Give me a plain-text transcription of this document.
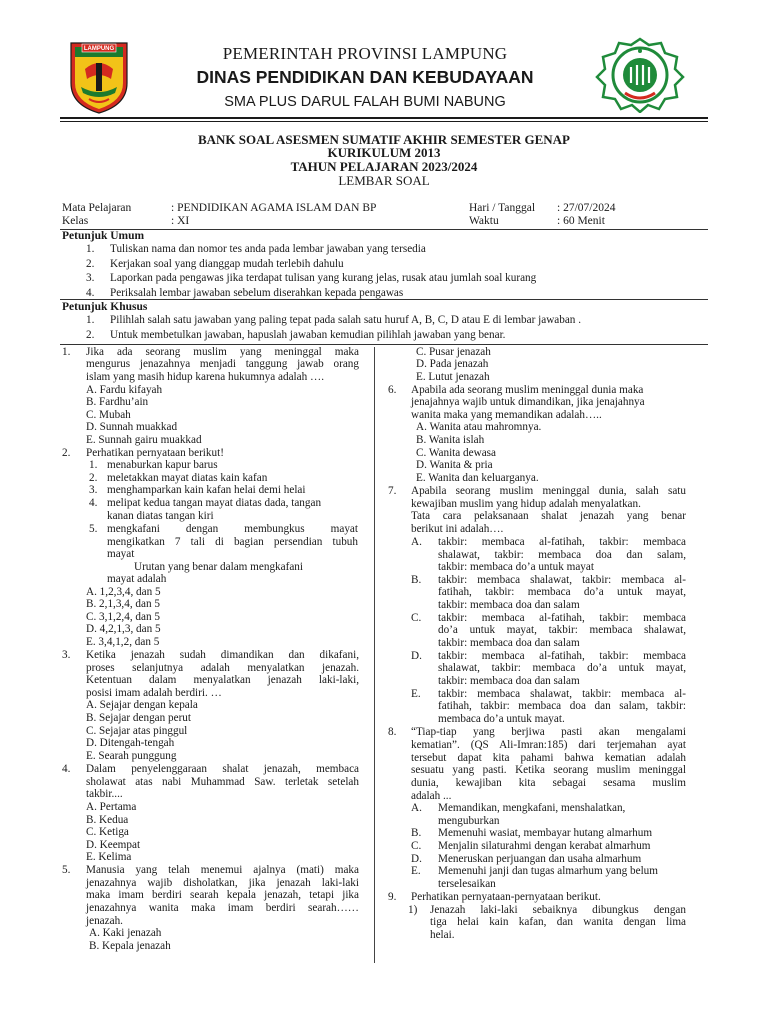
LAMPUNG	PEMERINTAH PROVINSI LAMPUNG
DINAS PENDIDIKAN DAN KEBUDAYAAN
SMA PLUS DARUL FALAH BUMI NABUNG
BANK SOAL ASESMEN SUMATIF AKHIR SEMESTER GENAP
KURIKULUM 2013
TAHUN PELAJARAN 2023/2024
LEMBAR SOAL
Mata Pelajaran	: PENDIDIKAN AGAMA ISLAM DAN BP
Kelas	: XI
Hari / Tanggal : 27/07/2024
Waktu	: 60 Menit
Petunjuk Umum
1. Tuliskan nama dan nomor tes anda pada lembar jawaban yang tersedia
2. Kerjakan soal yang dianggap mudah terlebih dahulu
3. Laporkan pada pengawas jika terdapat tulisan yang kurang jelas, rusak atau jumlah soal kurang
4. Periksalah lembar jawaban sebelum diserahkan kepada pengawas
Petunjuk Khusus
1. Pilihlah salah satu jawaban yang paling tepat pada salah satu huruf A, B, C, D atau E di lembar jawaban .
2. Untuk membetulkan jawaban, hapuslah jawaban kemudian pilihlah jawaban yang benar.
1. Jika ada seorang muslim yang meninggal maka
mengurus jenazahnya menjadi tanggung jawab orang
islam yang masih hidup karena hukumnya adalah ….
A. Fardu kifayah
B. Fardhu’ain
C. Mubah
D. Sunnah muakkad
E. Sunnah gairu muakkad
2. Perhatikan pernyataan berikut!
1. menaburkan kapur barus
2. meletakkan mayat diatas kain kafan
3. menghamparkan kain kafan helai demi helai
4. melipat kedua tangan mayat diatas dada, tangan
kanan diatas tangan kiri
5. mengkafani dengan membungkus mayat
mengikatkan 7 tali di bagian persendian tubuh
mayat
Urutan yang benar dalam mengkafani
mayat adalah
A. 1,2,3,4, dan 5
B. 2,1,3,4, dan 5
C. 3,1,2,4, dan 5
D. 4,2,1,3, dan 5
E. 3,4,1,2, dan 5
3. Ketika jenazah sudah dimandikan dan dikafani,
proses selanjutnya adalah menyalatkan jenazah.
Ketentuan dalam menyalatkan jenazah laki-laki,
posisi imam adalah berdiri. …
A. Sejajar dengan kepala
B. Sejajar dengan perut
C. Sejajar atas pinggul
D. Ditengah-tengah
E. Searah punggung
4. Dalam penyelenggaraan shalat jenazah, membaca
sholawat atas nabi Muhammad Saw. terletak setelah
takbir....
A. Pertama
B. Kedua
C. Ketiga
D. Keempat
E. Kelima
5. Manusia yang telah menemui ajalnya (mati) maka
jenazahnya wajib disholatkan, jika jenazah laki-laki
maka imam berdiri searah kepala jenazah, tetapi jika
jenazahnya wanita maka imam berdiri searah……
jenazah.
A. Kaki jenazah
B. Kepala jenazah
C. Pusar jenazah
D. Pada jenazah
E. Lutut jenazah
6. Apabila ada seorang muslim meninggal dunia maka
jenajahnya wajib untuk dimandikan, jika jenajahnya
wanita maka yang memandikan adalah…..
A. Wanita atau mahromnya.
B. Wanita islah
C. Wanita dewasa
D. Wanita & pria
E. Wanita dan keluarganya.
7. Apabila seorang muslim meninggal dunia, salah satu
kewajiban muslim yang hidup adalah menyalatkan.
Tata cara pelaksanaan shalat jenazah yang benar
berikut ini adalah….
A. takbir: membaca al-fatihah, takbir: membaca
shalawat, takbir: membaca doa dan salam,
takbir: membaca do’a untuk mayat
B. takbir: membaca shalawat, takbir: membaca al-
fatihah, takbir: membaca do’a untuk mayat,
takbir: membaca doa dan salam
C. takbir: membaca al-fatihah, takbir: membaca
do’a untuk mayat, takbir: membaca shalawat,
takbir: membaca doa dan salam
D. takbir: membaca al-fatihah, takbir: membaca
shalawat, takbir: membaca do’a untuk mayat,
takbir: membaca doa dan salam
E. takbir: membaca shalawat, takbir: membaca al-
fatihah, takbir: membaca doa dan salam, takbir:
membaca do’a untuk mayat.
8. “Tiap-tiap yang berjiwa pasti akan mengalami
kematian”. (QS Ali-Imran:185) dari terjemahan ayat
tersebut dapat kita pahami bahwa kematian adalah
sesuatu yang pasti. Ketika seorang muslim meninggal
dunia, kewajiban kita sebagai sesama muslim
adalah ...
A. Memandikan, mengkafani, menshalatkan,
menguburkan
B. Memenuhi wasiat, membayar hutang almarhum
C. Menjalin silaturahmi dengan kerabat almarhum
D. Meneruskan perjuangan dan usaha almarhum
E. Memenuhi janji dan tugas almarhum yang belum
terselesaikan
9. Perhatikan pernyataan-pernyataan berikut.
1) Jenazah laki-laki sebaiknya dibungkus dengan
tiga helai kain kafan, dan wanita dengan lima
helai.
